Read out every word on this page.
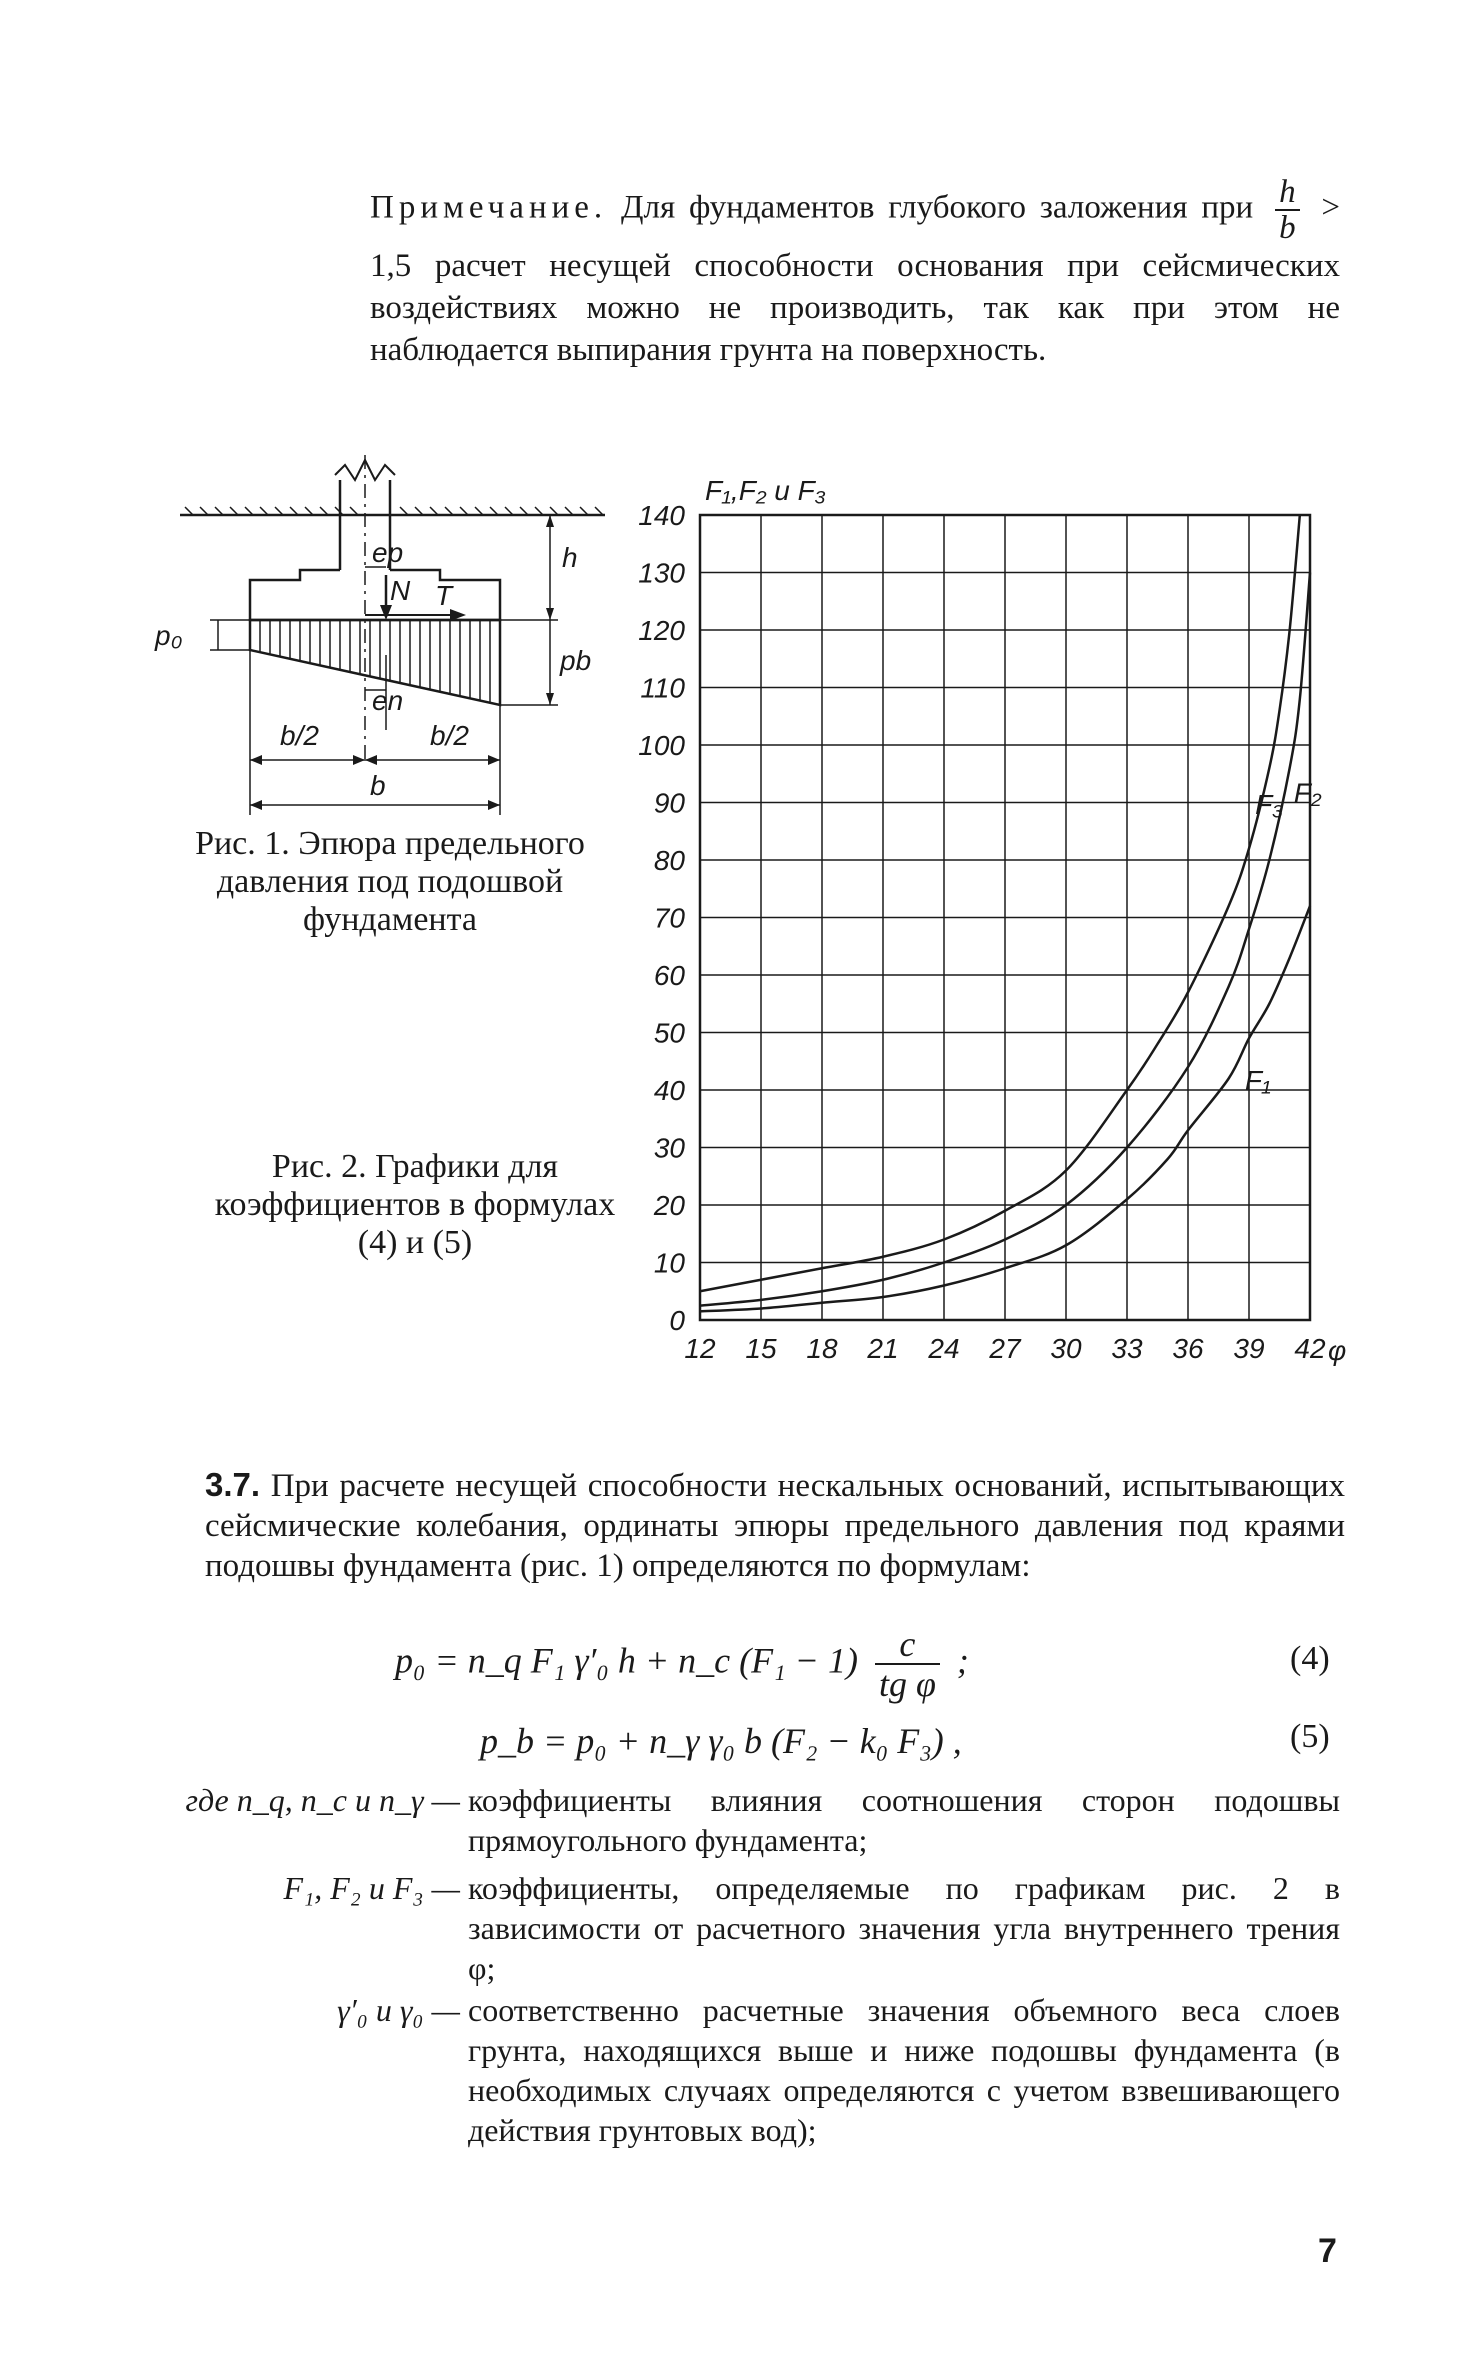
Примечание. Для фундаментов глубокого заложения при $\frac{h}{b} > 1,5$ расчет несущей способности основания при сейсмических воздействиях можно не производить, так как при этом не наблюдается выпирания грунта на поверхность.
h
eр
N T
p₀
pb
en
b/2	b/2
b
Рис. 1. Эпюра предельного давления под подошвой фундамента
F₁
F₂
F₃
12 15 18 21 24 27 30 33 36 39 42
0
10
20
30
40
50
60
70
80
90
100
110
120
130
140
F₁,F₂ и F₃
φ
Рис. 2. Графики для коэффициентов в формулах (4) и (5)
3.7. При расчете несущей способности нескальных оснований, испытывающих сейсмические колебания, ординаты эпюры предельного давления под краями подошвы фундамента (рис. 1) определяются по формулам:
p₀ = n_q F₁ γ′₀ h + n_c $(F_1 - 1) \frac{c}{\text{tg φ}}$ ;	(4)
p_b = p₀ + n_γ γ₀ b (F₂ − k₀ F₃) ,	(5)
где n_q, n_c и n_γ — коэффициенты влияния соотношения сторон подошвы прямоугольного фундамента;
F₁, F₂ и F₃ — коэффициенты, определяемые по графикам рис. 2 в зависимости от расчетного значения угла внутреннего трения φ;
γ′₀ и γ₀ — соответственно расчетные значения объемного веса слоев грунта, находящихся выше и ниже подошвы фундамента (в необходимых случаях определяются с учетом взвешивающего действия грунтовых вод);
7
